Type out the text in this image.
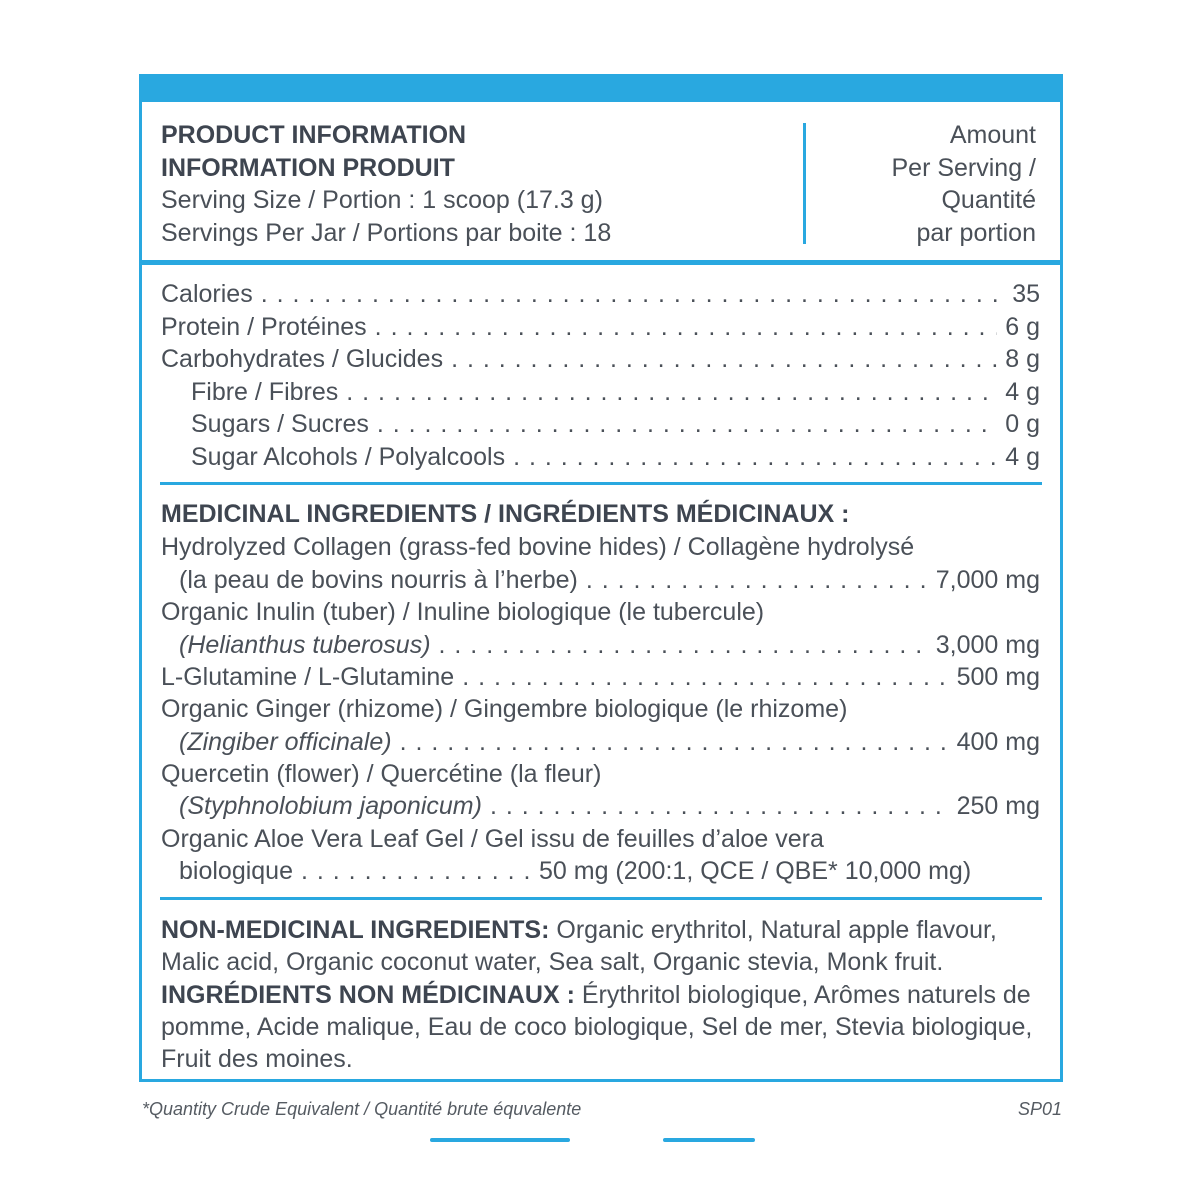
PRODUCT INFORMATION
INFORMATION PRODUIT
Serving Size / Portion : 1 scoop (17.3 g)
Servings Per Jar / Portions par boite : 18
Amount
Per Serving /
Quantité
par portion
Calories . . .	35
Protein / Protéines . . .	6 g
Carbohydrates / Glucides . . .	8 g
Fibre / Fibres . . .	4 g
Sugars / Sucres . . .	0 g
Sugar Alcohols / Polyalcools . . .	4 g
MEDICINAL INGREDIENTS / INGRÉDIENTS MÉDICINAUX :
Hydrolyzed Collagen (grass-fed bovine hides) / Collagène hydrolysé
(la peau de bovins nourris à l’herbe) . . .	7,000 mg
Organic Inulin (tuber) / Inuline biologique (le tubercule)
(Helianthus tuberosus) . . .	3,000 mg
L-Glutamine / L-Glutamine . . .	500 mg
Organic Ginger (rhizome) / Gingembre biologique (le rhizome)
(Zingiber officinale) . . .	400 mg
Quercetin (flower) / Quercétine (la fleur)
(Styphnolobium japonicum) . . .	250 mg
Organic Aloe Vera Leaf Gel / Gel issu de feuilles d’aloe vera
biologique . . .	50 mg (200:1, QCE / QBE* 10,000 mg)
NON-MEDICINAL INGREDIENTS: Organic erythritol, Natural apple flavour, Malic acid, Organic coconut water, Sea salt, Organic stevia, Monk fruit. INGRÉDIENTS NON MÉDICINAUX : Érythritol biologique, Arômes naturels de pomme, Acide malique, Eau de coco biologique, Sel de mer, Stevia biologique, Fruit des moines.
*Quantity Crude Equivalent / Quantité brute équvalente	SP01
